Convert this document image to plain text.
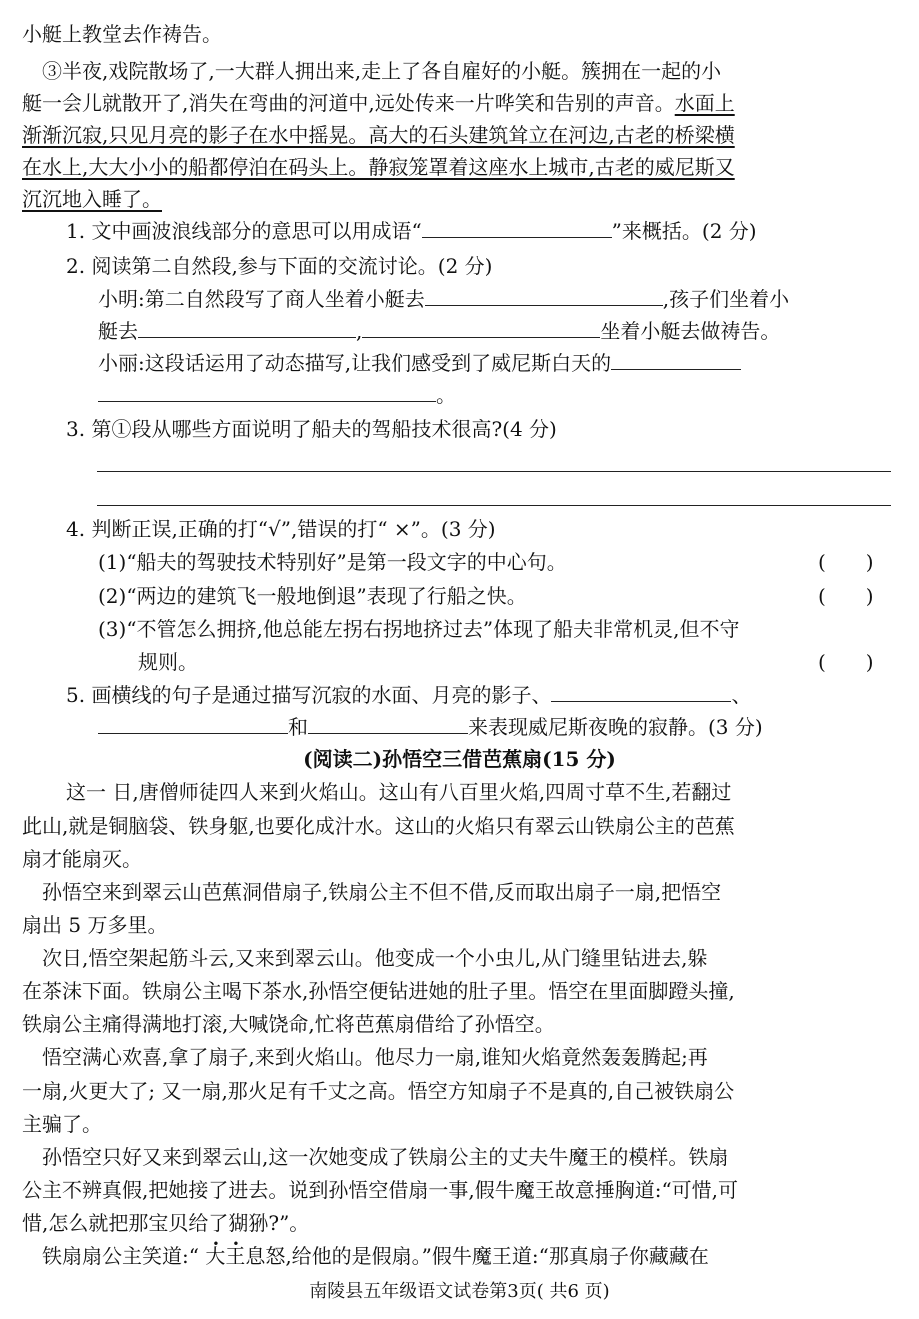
小艇上教堂去作祷告。
③半夜,戏院散场了,一大群人拥出来,走上了各自雇好的小艇。簇拥在一起的小
艇一会儿就散开了,消失在弯曲的河道中,远处传来一片哗笑和告别的声音。水面上
渐渐沉寂,只见月亮的影子在水中摇晃。高大的石头建筑耸立在河边,古老的桥梁横
在水上,大大小小的船都停泊在码头上。静寂笼罩着这座水上城市,古老的威尼斯又
沉沉地入睡了。
1. 文中画波浪线部分的意思可以用成语“	”来概括。(2 分)
2. 阅读第二自然段,参与下面的交流讨论。(2 分)
小明:第二自然段写了商人坐着小艇去	,孩子们坐着小
艇去	,	坐着小艇去做祷告。
小丽:这段话运用了动态描写,让我们感受到了威尼斯白天的
。
3. 第①段从哪些方面说明了船夫的驾船技术很高?(4 分)
4. 判断正误,正确的打“√”,错误的打“ ×”。(3 分)
(1)“船夫的驾驶技术特别好”是第一段文字的中心句。	(　　)
(2)“两边的建筑飞一般地倒退”表现了行船之快。	(　　)
(3)“不管怎么拥挤,他总能左拐右拐地挤过去”体现了船夫非常机灵,但不守
规则。	(　　)
5. 画横线的句子是通过描写沉寂的水面、月亮的影子、	、
和	来表现威尼斯夜晚的寂静。(3 分)
(阅读二)孙悟空三借芭蕉扇(15 分)
这一 日,唐僧师徒四人来到火焰山。这山有八百里火焰,四周寸草不生,若翻过
此山,就是铜脑袋、铁身躯,也要化成汁水。这山的火焰只有翠云山铁扇公主的芭蕉
扇才能扇灭。
孙悟空来到翠云山芭蕉洞借扇子,铁扇公主不但不借,反而取出扇子一扇,把悟空
扇出 5 万多里。
次日,悟空架起筋斗云,又来到翠云山。他变成一个小虫儿,从门缝里钻进去,躲
在茶沫下面。铁扇公主喝下茶水,孙悟空便钻进她的肚子里。悟空在里面脚蹬头撞,
铁扇公主痛得满地打滚,大喊饶命,忙将芭蕉扇借给了孙悟空。
悟空满心欢喜,拿了扇子,来到火焰山。他尽力一扇,谁知火焰竟然轰轰腾起;再
一扇,火更大了; 又一扇,那火足有千丈之高。悟空方知扇子不是真的,自己被铁扇公
主骗了。
孙悟空只好又来到翠云山,这一次她变成了铁扇公主的丈夫牛魔王的模样。铁扇
公主不辨真假,把她接了进去。说到孙悟空借扇一事,假牛魔王故意捶胸道:“可惜,可
惜,怎么就把那宝贝给了猢狲?”。
铁扇扇公主笑道:“ 大王息怒,给他的是假扇。”假牛魔王道:“那真扇子你藏藏在
南陵县五年级语文试卷第3页( 共6 页)
